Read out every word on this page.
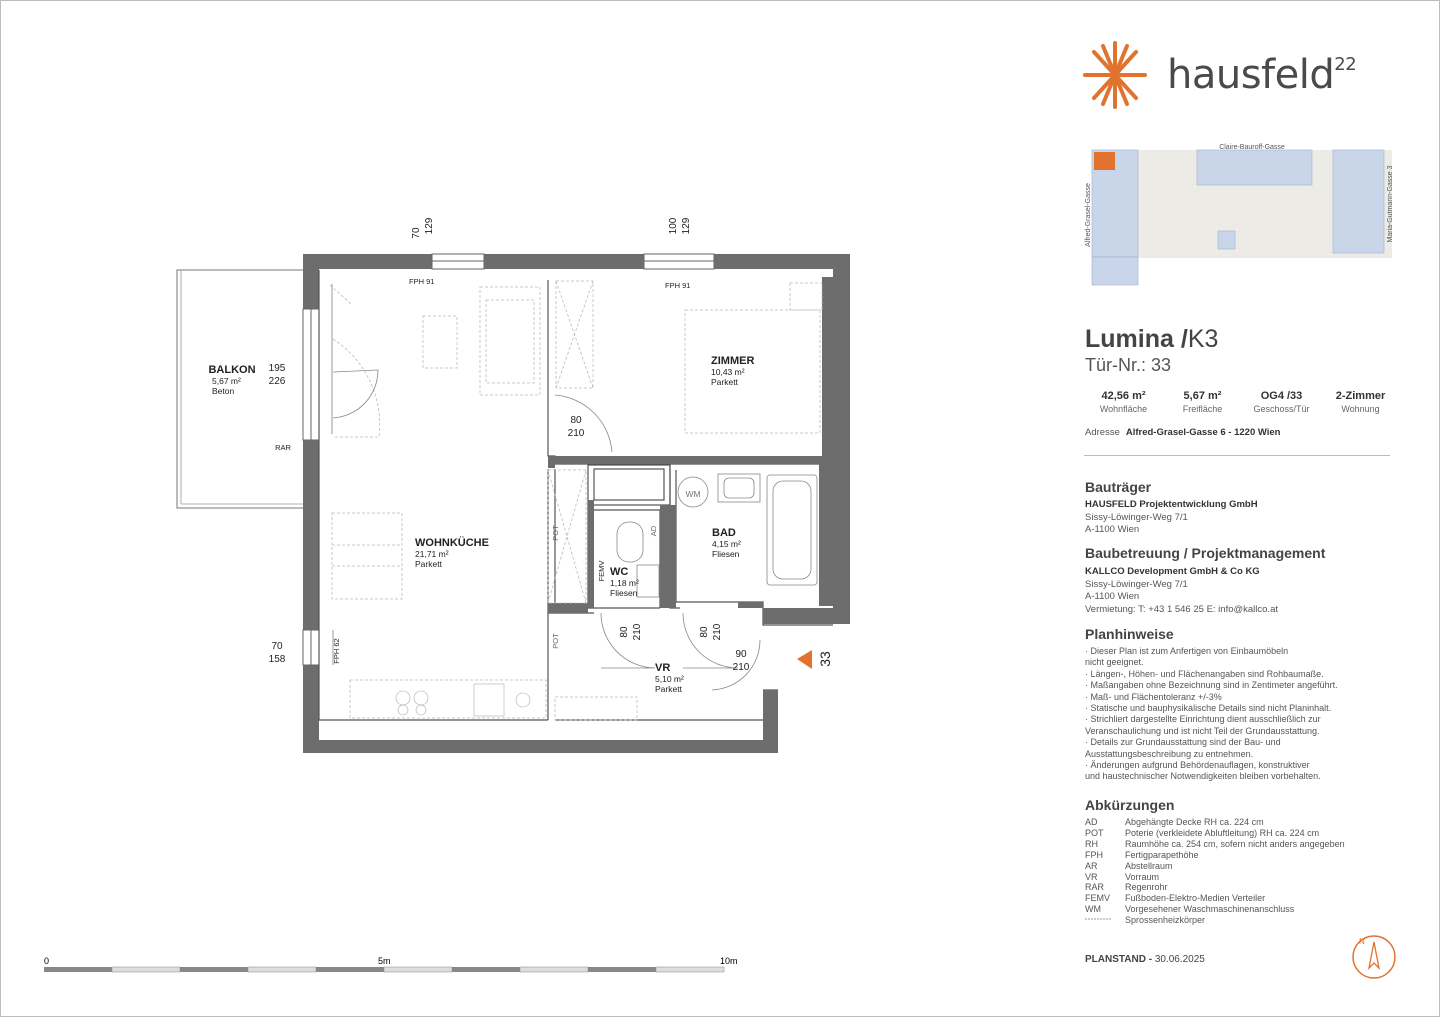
BALKON
5,67 m²
Beton
195
226
RAR
ZIMMER
10,43 m²
Parkett
WOHNKÜCHE
21,71 m²
Parkett
BAD
4,15 m²
Fliesen
WC
1,18 m²
Fliesen
VR
5,10 m²
Parkett
80
210
70
158
FPH 91	FPH 91
WM
90
210
70 129	100 129
FPH 62
POT
POT
AD
FEMV
80 210	80 210
33
0	5m	10m
hausfeld$^{22}$
Claire-Bauroff-Gasse
Alfred-Grasel-Gasse	Maria-Gutmann-Gasse 3
Lumina /K3
Tür-Nr.: 33
42,56 m²
Wohnfläche
5,67 m²
Freifläche
OG4 /33
Geschoss/Tür
2-Zimmer
Wohnung
Adresse Alfred-Grasel-Gasse 6 - 1220 Wien
Bauträger
HAUSFELD Projektentwicklung GmbH
Sissy-Löwinger-Weg 7/1
A-1100 Wien
Baubetreuung / Projektmanagement
KALLCO Development GmbH & Co KG
Sissy-Löwinger-Weg 7/1
A-1100 Wien
Vermietung: T: +43 1 546 25 E: info@kallco.at
Planhinweise
· Dieser Plan ist zum Anfertigen von Einbaumöbeln
nicht geeignet.
· Längen-, Höhen- und Flächenangaben sind Rohbaumaße.
· Maßangaben ohne Bezeichnung sind in Zentimeter angeführt.
· Maß- und Flächentoleranz +/-3%
· Statische und bauphysikalische Details sind nicht Planinhalt.
· Strichliert dargestellte Einrichtung dient ausschließlich zur
Veranschaulichung und ist nicht Teil der Grundausstattung.
· Details zur Grundausstattung sind der Bau- und
Ausstattungsbeschreibung zu entnehmen.
· Änderungen aufgrund Behördenauflagen, konstruktiver
und haustechnischer Notwendigkeiten bleiben vorbehalten.
Abkürzungen
AD	Abgehängte Decke RH ca. 224 cm
POT	Poterie (verkleidete Abluftleitung) RH ca. 224 cm
RH	Raumhöhe ca. 254 cm, sofern nicht anders angegeben
FPH	Fertigparapethöhe
AR	Abstellraum
VR	Vorraum
RAR	Regenrohr
FEMV	Fußboden-Elektro-Medien Verteiler
WM	Vorgesehener Waschmaschinenanschluss
Sprossenheizkörper
PLANSTAND - 30.06.2025
N
